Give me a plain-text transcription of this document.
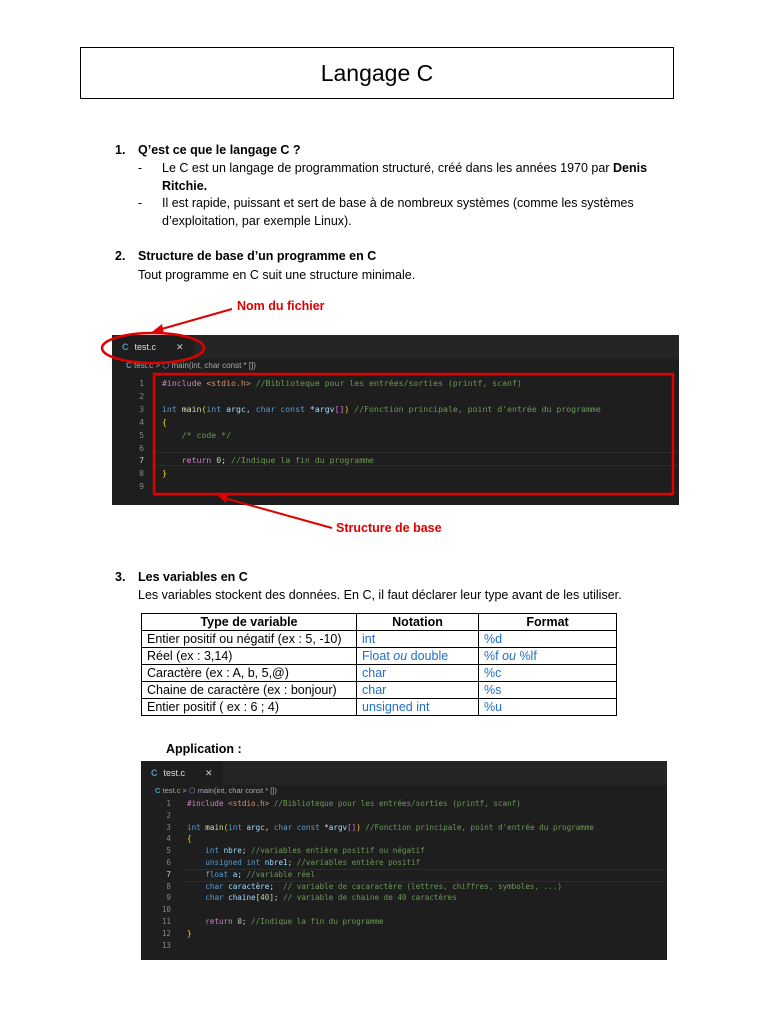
Langage C
1. Q’est ce que le langage C ?
- Le C est un langage de programmation structuré, créé dans les années 1970 par Denis
Ritchie.
- Il est rapide, puissant et sert de base à de nombreux systèmes (comme les systèmes
d’exploitation, par exemple Linux).
2. Structure de base d’un programme en C
Tout programme en C suit une structure minimale.
Nom du fichier
Structure de base
C test.c ✕
C test.c > ⬡ main(int, char const * [])
1 #include <stdio.h> //Biblioteque pour les entrées/sorties (printf, scanf)
2
3 int main(int argc, char const *argv[]) //Fonction principale, point d'entrée du programme
4 {
5	/* code */
6
7	return 0; //Indique la fin du programme
8 }
9
3. Les variables en C
Les variables stockent des données. En C, il faut déclarer leur type avant de les utiliser.
Type de variable	Notation	Format
Entier positif ou négatif (ex : 5, -10)	int	%d
Réel (ex : 3,14)	Float ou double	%f ou %lf
Caractère (ex : A, b, 5,@)	char	%c
Chaine de caractère (ex : bonjour)	char	%s
Entier positif ( ex : 6 ; 4)	unsigned int	%u
Application :
C test.c ✕
C test.c > ⬡ main(int, char const * [])
1 #include <stdio.h> //Biblioteque pour les entrées/sorties (printf, scanf)
2
3 int main(int argc, char const *argv[]) //Fonction principale, point d'entrée du programme
4 {
5	int nbre; //variables entière positif ou négatif
6	unsigned int nbre1; //variables entière positif
7	float a; //variable réel
8	char caractère;  // variable de cacaractère (lettres, chiffres, symboles, ...)
9	char chaine[40]; // variable de chaine de 40 caractères
10
11	return 0; //Indique la fin du programme
12 }
13
